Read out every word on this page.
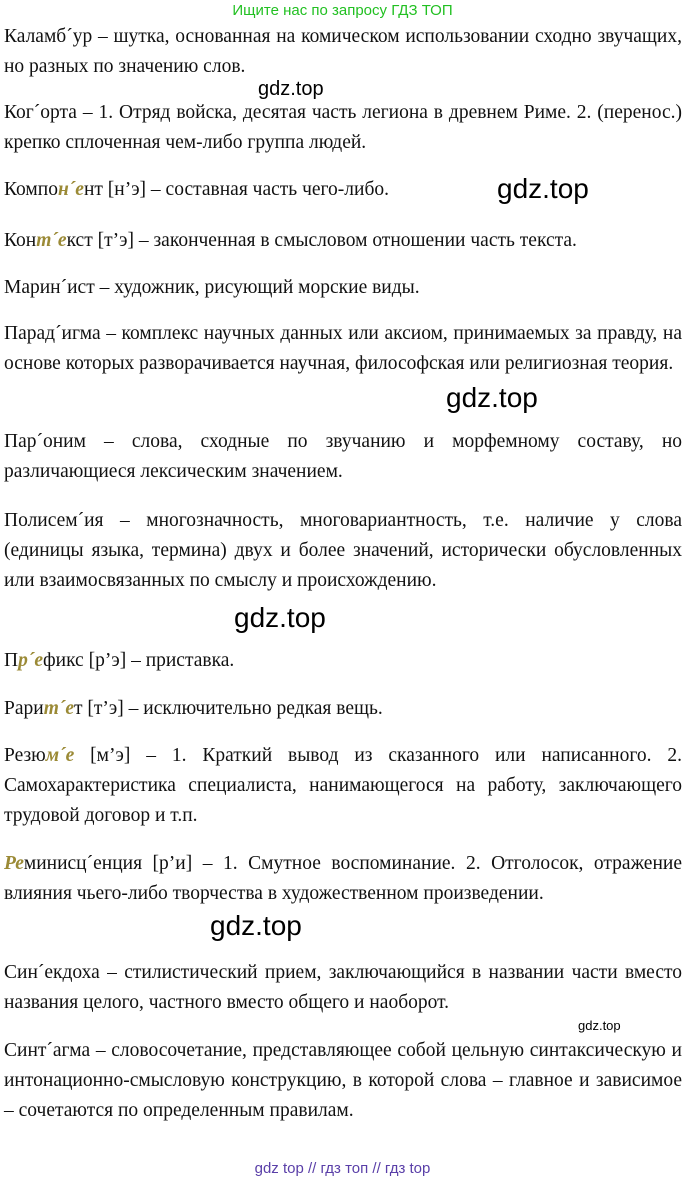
Ищите нас по запросу ГДЗ ТОП
Каламб´ур – шутка, основанная на комическом использовании сходно звучащих, но разных по значению слов.
Ког´орта – 1. Отряд войска, десятая часть легиона в древнем Риме. 2. (перенос.) крепко сплоченная чем-либо группа людей.
Компон´ент [н’э] – составная часть чего-либо.
Конт´екст [т’э] – законченная в смысловом отношении часть текста.
Марин´ист – художник, рисующий морские виды.
Парад´игма – комплекс научных данных или аксиом, принимаемых за правду, на основе которых разворачивается научная, философская или религиозная теория.
Пар´оним – слова, сходные по звучанию и морфемному составу, но различающиеся лексическим значением.
Полисем´ия – многозначность, многовариантность, т.е. наличие у слова (единицы языка, термина) двух и более значений, исторически обусловленных или взаимосвязанных по смыслу и происхождению.
Пр´ефикс [р’э] – приставка.
Рарит´ет [т’э] – исключительно редкая вещь.
Резюм´е [м’э] – 1. Краткий вывод из сказанного или написанного. 2. Самохарактеристика специалиста, нанимающегося на работу, заключающего трудовой договор и т.п.
Реминисц´енция [р’и] – 1. Смутное воспоминание. 2. Отголосок, отражение влияния чьего-либо творчества в художественном произведении.
Син´екдоха – стилистический прием, заключающийся в названии части вместо названия целого, частного вместо общего и наоборот.
Синт´агма – словосочетание, представляющее собой цельную синтаксическую и интонационно-смысловую конструкцию, в которой слова – главное и зависимое – сочетаются по определенным правилам.
gdz.top
gdz.top
gdz.top
gdz.top
gdz.top
gdz.top
gdz top // гдз топ // гдз top
